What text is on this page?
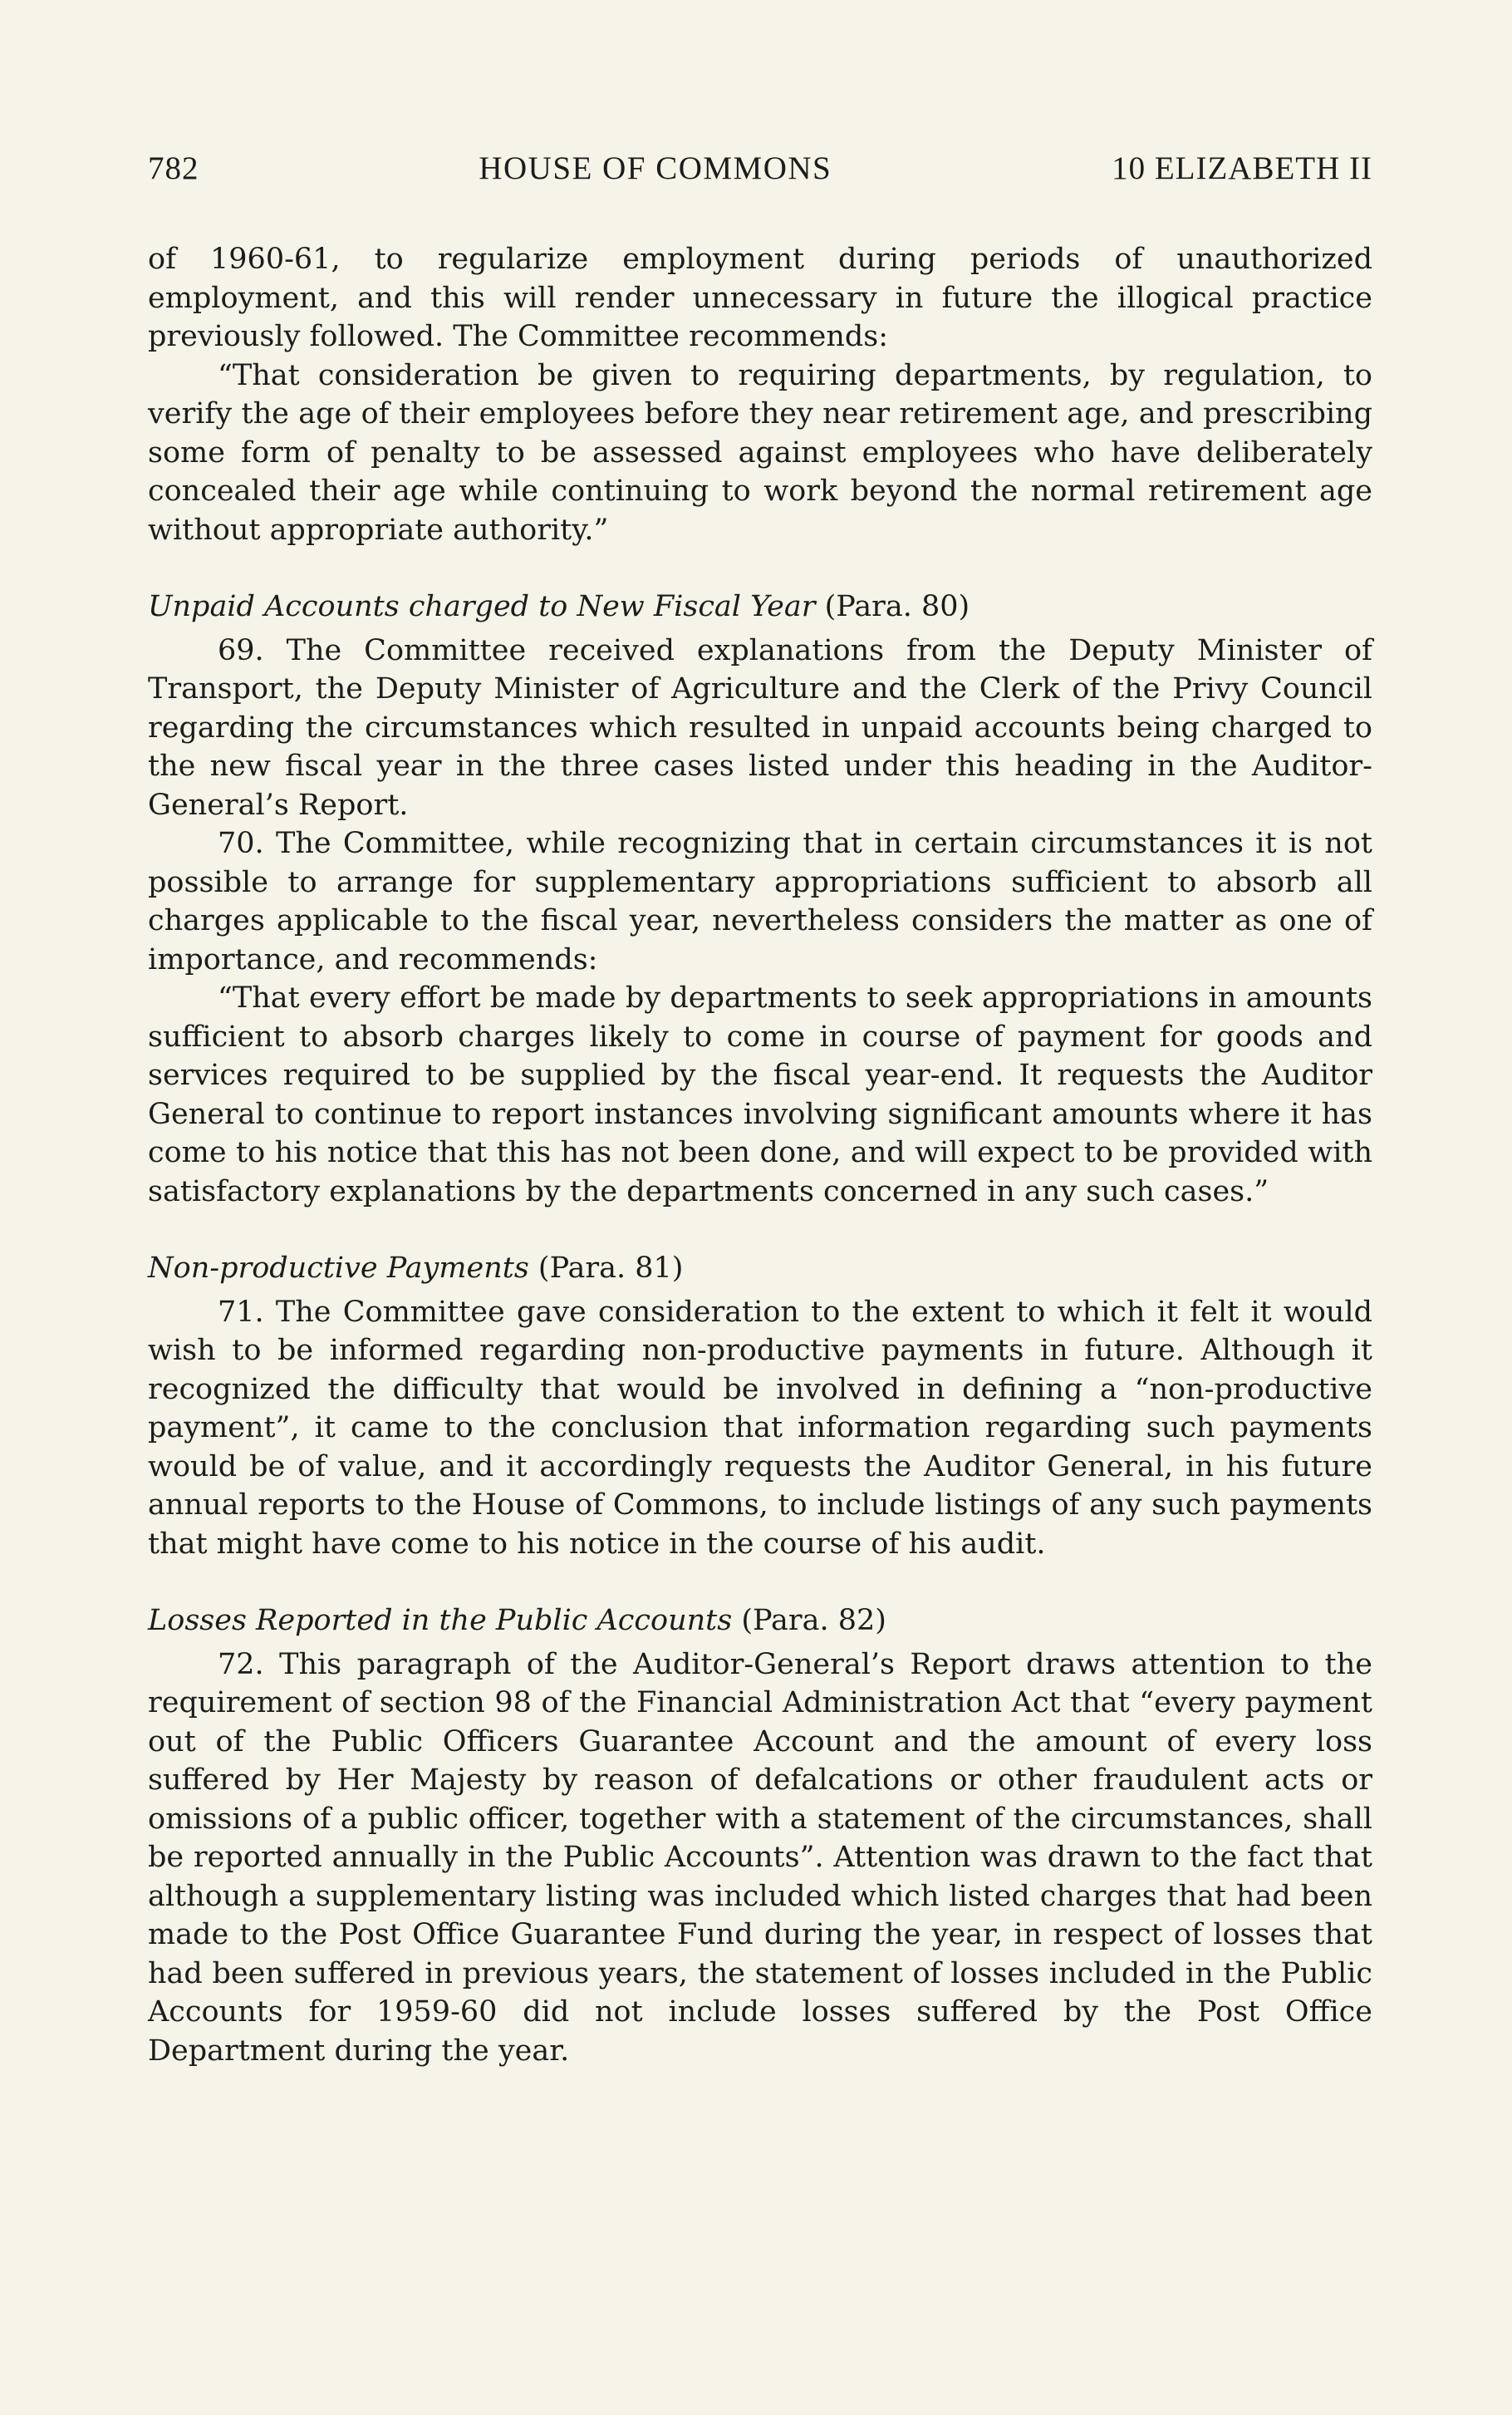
782	HOUSE OF COMMONS	10 ELIZABETH II

of 1960-61, to regularize employment during periods of unauthorized employment, and this will render unnecessary in future the illogical practice previously followed. The Committee recommends:

“That consideration be given to requiring departments, by regulation, to verify the age of their employees before they near retirement age, and prescribing some form of penalty to be assessed against employees who have deliberately concealed their age while continuing to work beyond the normal retirement age without appropriate authority.”

Unpaid Accounts charged to New Fiscal Year (Para. 80)

69. The Committee received explanations from the Deputy Minister of Transport, the Deputy Minister of Agriculture and the Clerk of the Privy Council regarding the circumstances which resulted in unpaid accounts being charged to the new fiscal year in the three cases listed under this heading in the Auditor-General’s Report.

70. The Committee, while recognizing that in certain circumstances it is not possible to arrange for supplementary appropriations sufficient to absorb all charges applicable to the fiscal year, nevertheless considers the matter as one of importance, and recommends:

“That every effort be made by departments to seek appropriations in amounts sufficient to absorb charges likely to come in course of payment for goods and services required to be supplied by the fiscal year-end. It requests the Auditor General to continue to report instances involving significant amounts where it has come to his notice that this has not been done, and will expect to be provided with satisfactory explanations by the departments concerned in any such cases.”

Non-productive Payments (Para. 81)

71. The Committee gave consideration to the extent to which it felt it would wish to be informed regarding non-productive payments in future. Although it recognized the difficulty that would be involved in defining a “non-productive payment”, it came to the conclusion that information regarding such payments would be of value, and it accordingly requests the Auditor General, in his future annual reports to the House of Commons, to include listings of any such payments that might have come to his notice in the course of his audit.

Losses Reported in the Public Accounts (Para. 82)

72. This paragraph of the Auditor-General’s Report draws attention to the requirement of section 98 of the Financial Administration Act that “every payment out of the Public Officers Guarantee Account and the amount of every loss suffered by Her Majesty by reason of defalcations or other fraudulent acts or omissions of a public officer, together with a statement of the circumstances, shall be reported annually in the Public Accounts”. Attention was drawn to the fact that although a supplementary listing was included which listed charges that had been made to the Post Office Guarantee Fund during the year, in respect of losses that had been suffered in previous years, the statement of losses included in the Public Accounts for 1959-60 did not include losses suffered by the Post Office Department during the year.
